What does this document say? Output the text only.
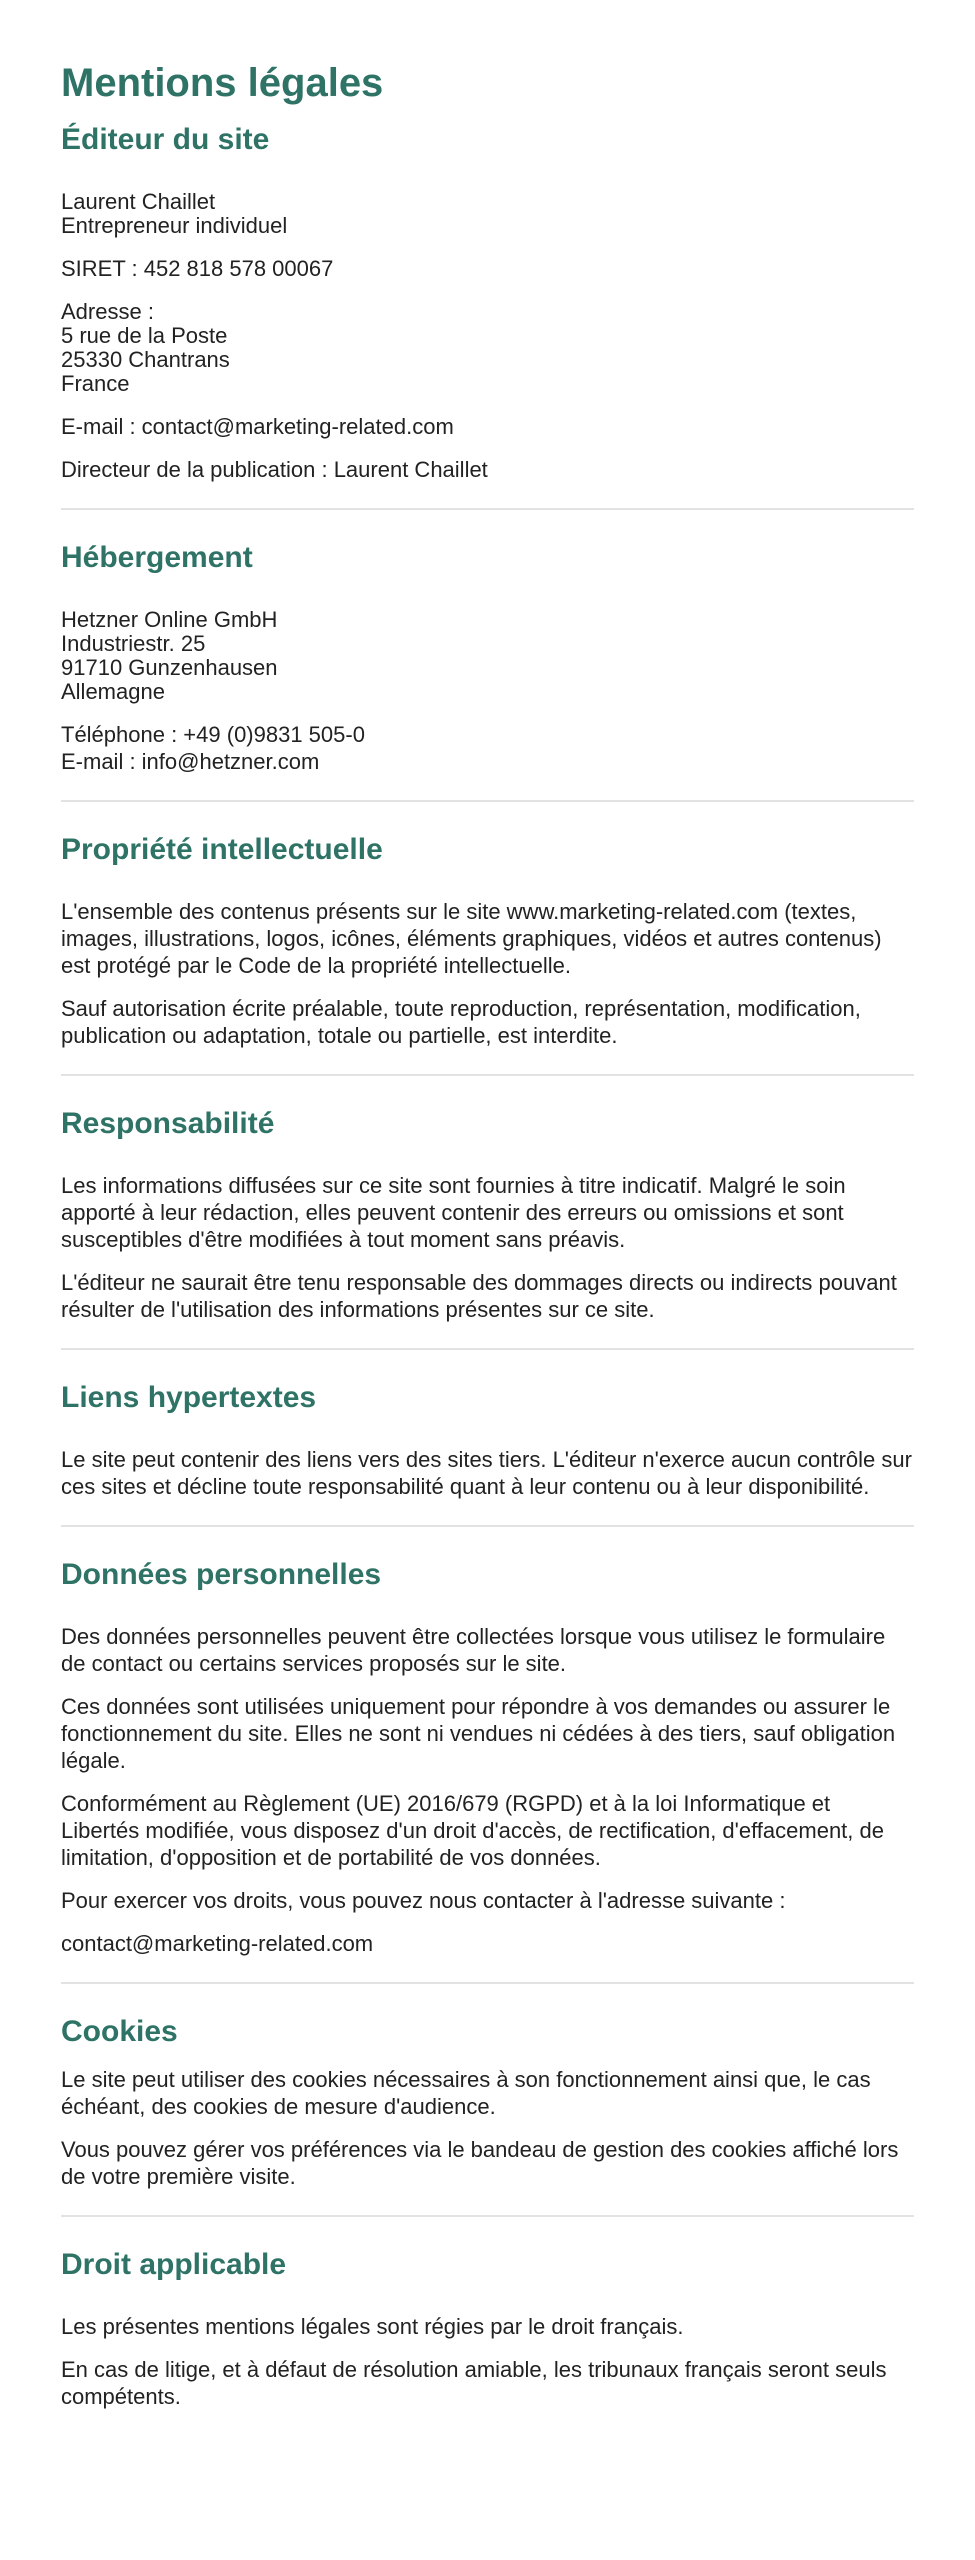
Mentions légales
Éditeur du site

Laurent Chaillet
Entrepreneur individuel

SIRET : 452 818 578 00067

Adresse :
5 rue de la Poste
25330 Chantrans
France

E-mail : contact@marketing-related.com

Directeur de la publication : Laurent Chaillet

Hébergement

Hetzner Online GmbH
Industriestr. 25
91710 Gunzenhausen
Allemagne

Téléphone : +49 (0)9831 505-0
E-mail : info@hetzner.com

Propriété intellectuelle

L'ensemble des contenus présents sur le site www.marketing-related.com (textes, images, illustrations, logos, icônes, éléments graphiques, vidéos et autres contenus) est protégé par le Code de la propriété intellectuelle.

Sauf autorisation écrite préalable, toute reproduction, représentation, modification, publication ou adaptation, totale ou partielle, est interdite.

Responsabilité

Les informations diffusées sur ce site sont fournies à titre indicatif. Malgré le soin apporté à leur rédaction, elles peuvent contenir des erreurs ou omissions et sont susceptibles d'être modifiées à tout moment sans préavis.

L'éditeur ne saurait être tenu responsable des dommages directs ou indirects pouvant résulter de l'utilisation des informations présentes sur ce site.

Liens hypertextes

Le site peut contenir des liens vers des sites tiers. L'éditeur n'exerce aucun contrôle sur ces sites et décline toute responsabilité quant à leur contenu ou à leur disponibilité.

Données personnelles

Des données personnelles peuvent être collectées lorsque vous utilisez le formulaire de contact ou certains services proposés sur le site.

Ces données sont utilisées uniquement pour répondre à vos demandes ou assurer le fonctionnement du site. Elles ne sont ni vendues ni cédées à des tiers, sauf obligation légale.

Conformément au Règlement (UE) 2016/679 (RGPD) et à la loi Informatique et Libertés modifiée, vous disposez d'un droit d'accès, de rectification, d'effacement, de limitation, d'opposition et de portabilité de vos données.

Pour exercer vos droits, vous pouvez nous contacter à l'adresse suivante :

contact@marketing-related.com

Cookies

Le site peut utiliser des cookies nécessaires à son fonctionnement ainsi que, le cas échéant, des cookies de mesure d'audience.

Vous pouvez gérer vos préférences via le bandeau de gestion des cookies affiché lors de votre première visite.

Droit applicable

Les présentes mentions légales sont régies par le droit français.

En cas de litige, et à défaut de résolution amiable, les tribunaux français seront seuls compétents.
